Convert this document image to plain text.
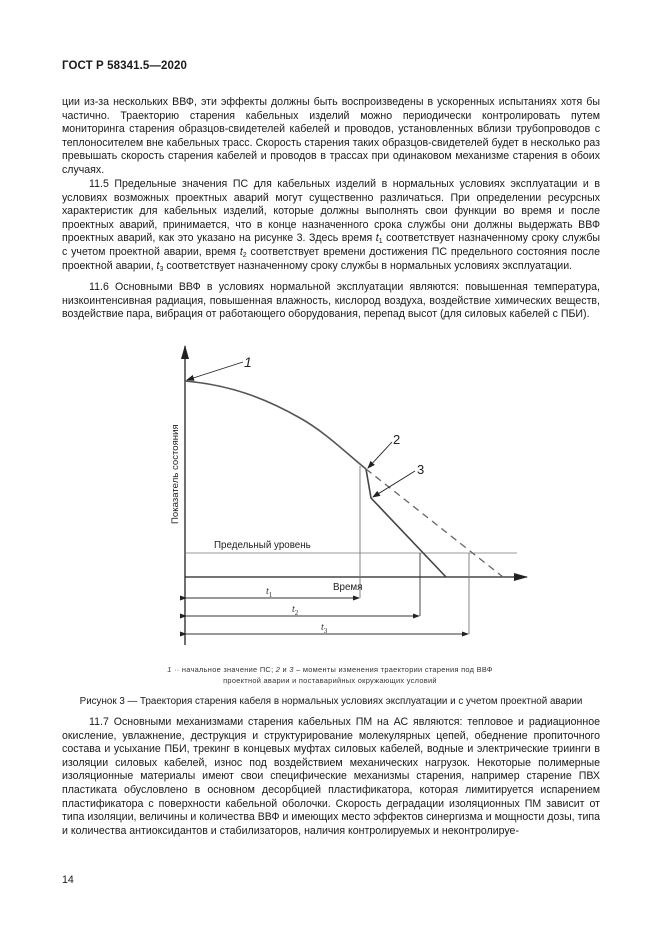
ГОСТ Р 58341.5—2020

ции из-за нескольких ВВФ, эти эффекты должны быть воспроизведены в ускоренных испытаниях хотя бы частично. Траекторию старения кабельных изделий можно периодически контролировать путем мониторинга старения образцов-свидетелей кабелей и проводов, установленных вблизи трубопроводов с теплоносителем вне кабельных трасс. Скорость старения таких образцов-свидетелей будет в несколько раз превышать скорость старения кабелей и проводов в трассах при одинаковом механизме старения в обоих случаях.

11.5 Предельные значения ПС для кабельных изделий в нормальных условиях эксплуатации и в условиях возможных проектных аварий могут существенно различаться. При определении ресурсных характеристик для кабельных изделий, которые должны выполнять свои функции во время и после проектных аварий, принимается, что в конце назначенного срока службы они должны выдержать ВВФ проектных аварий, как это указано на рисунке 3. Здесь время $t_1$ соответствует назначенному сроку службы с учетом проектной аварии, время $t_2$ соответствует времени достижения ПС предельного состояния после проектной аварии, $t_3$ соответствует назначенному сроку службы в нормальных условиях эксплуатации.

11.6 Основными ВВФ в условиях нормальной эксплуатации являются: повышенная температура, низкоинтенсивная радиация, повышенная влажность, кислород воздуха, воздействие химических веществ, воздействие пара, вибрация от работающего оборудования, перепад высот (для силовых кабелей с ПБИ).

1
2
3
Показатель состояния
Предельный уровень
Время
$t_1$
$t_2$
$t_3$
1 ·· начальное значение ПС; 2 и 3 – моменты изменения траектории старения под ВВФ
проектной аварии и поставарийных окружающих условий
Рисунок 3 — Траектория старения кабеля в нормальных условиях эксплуатации и с учетом проектной аварии

11.7 Основными механизмами старения кабельных ПМ на АС являются: тепловое и радиационное окисление, увлажнение, деструкция и структурирование молекулярных цепей, обеднение пропиточного состава и усыхание ПБИ, трекинг в концевых муфтах силовых кабелей, водные и электрические триинги в изоляции силовых кабелей, износ под воздействием механических нагрузок. Некоторые полимерные изоляционные материалы имеют свои специфические механизмы старения, например старение ПВХ пластиката обусловлено в основном десорбцией пластификатора, которая лимитируется испарением пластификатора с поверхности кабельной оболочки. Скорость деградации изоляционных ПМ зависит от типа изоляции, величины и количества ВВФ и имеющих место эффектов синергизма и мощности дозы, типа и количества антиоксидантов и стабилизаторов, наличия контролируемых и неконтролируе-

14
